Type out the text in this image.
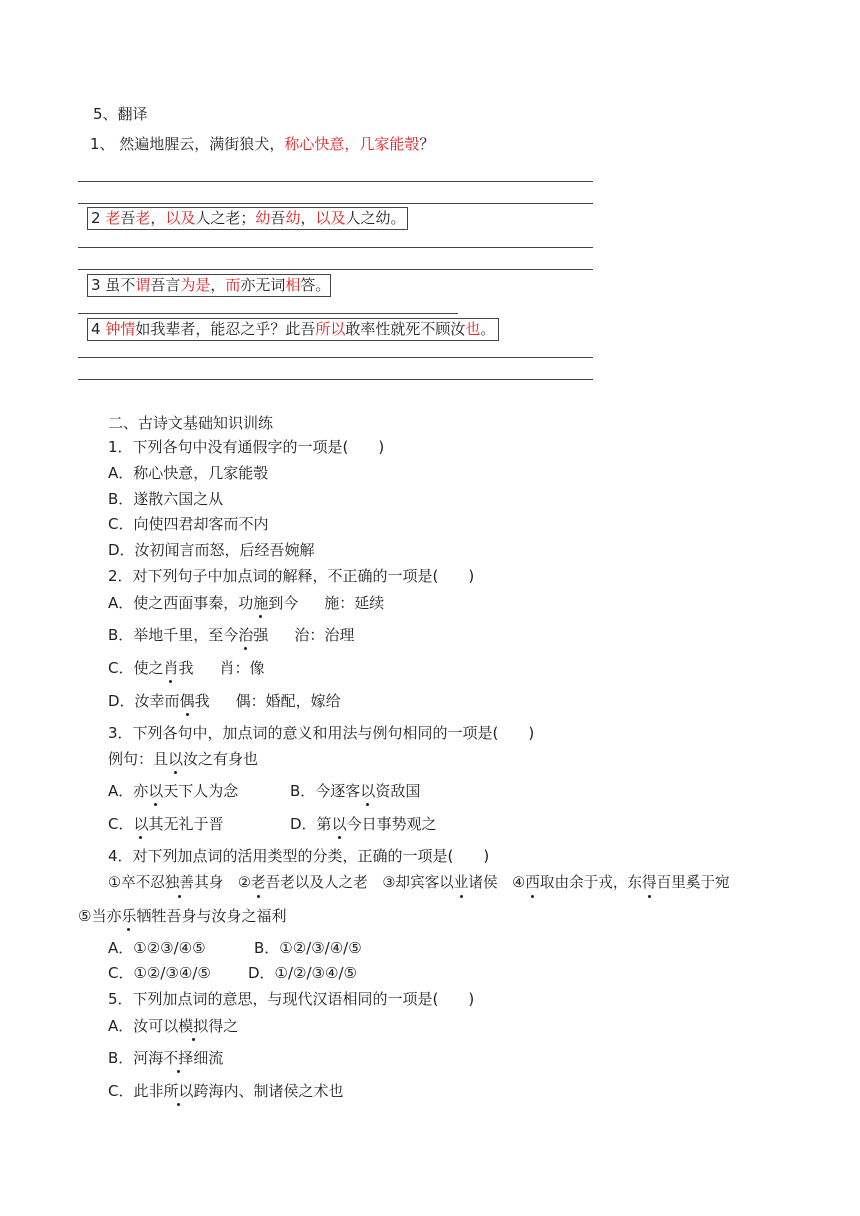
5、翻译
1、 然遍地腥云，满街狼犬，称心快意，几家能彀？
2 老吾老，以及人之老；幼吾幼，以及人之幼。
3 虽不谓吾言为是，而亦无词相答。
4 钟情如我辈者，能忍之乎？此吾所以敢率性就死不顾汝也。
二、古诗文基础知识训练
1．下列各句中没有通假字的一项是(　　)
A．称心快意，几家能彀
B．遂散六国之从
C．向使四君却客而不内
D．汝初闻言而怒，后经吾婉解
2．对下列句子中加点词的解释，不正确的一项是(　　)
A．使之西面事秦，功施到今 施：延续
B．举地千里，至今治强 治：治理
C．使之肖我 肖：像
D．汝幸而偶我 偶：婚配，嫁给
3．下列各句中，加点词的意义和用法与例句相同的一项是(　　)
例句：且以汝之有身也
A．亦以天下人为念	B．今逐客以资敌国
C．以其无礼于晋	D．第以今日事势观之
4．对下列加点词的活用类型的分类，正确的一项是(　　)
①卒不忍独善其身　②老吾老以及人之老　③却宾客以业诸侯　④西取由余于戎，东得百里奚于宛
⑤当亦乐牺牲吾身与汝身之福利
A．①②③/④⑤	B．①②/③/④/⑤
C．①②/③④/⑤ D．①/②/③④/⑤
5．下列加点词的意思，与现代汉语相同的一项是(　　)
A．汝可以模拟得之
B．河海不择细流
C．此非所以跨海内、制诸侯之术也
